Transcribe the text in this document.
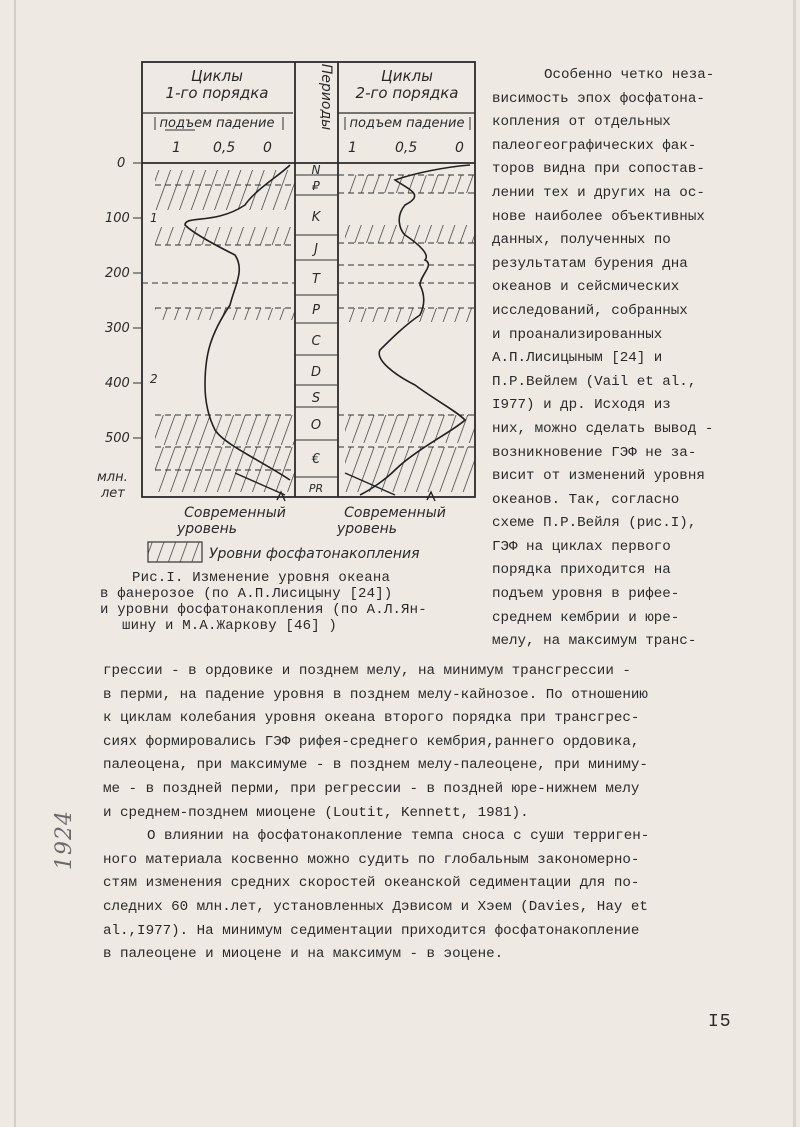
Циклы
1-го порядка	Периоды	Циклы
2-го порядка
подъем падение	подъем падение
1 0,5 0	1	0,5	0
0
100
200
300
400
500
млн.
лет
1
2
N
₽
K
J
T
P
C
D
S
O
€
PR
Современный
уровень
Современный
уровень
Уровни фосфатонакопления
Рис.I. Изменение уровня океана
в фанерозое (по А.П.Лисицыну [24])
и уровни фосфатонакопления (по А.Л.Ян-
шину и М.А.Жаркову [46] )
Особенно четко неза-
висимость эпох фосфатона-
копления от отдельных
палеогеографических фак-
торов видна при сопостав-
лении тех и других на ос-
нове наиболее объективных
данных, полученных по
результатам бурения дна
океанов и сейсмических
исследований, собранных
и проанализированных
А.П.Лисицыным [24] и
П.Р.Вейлем (Vail et al.,
I977) и др. Исходя из
них, можно сделать вывод -
возникновение ГЭФ не за-
висит от изменений уровня
океанов. Так, согласно
схеме П.Р.Вейля (рис.I),
ГЭФ на циклах первого
порядка приходится на
подъем уровня в рифее-
среднем кембрии и юре-
мелу, на максимум транс-
грессии - в ордовике и позднем мелу, на минимум трансгрессии -
в перми, на падение уровня в позднем мелу-кайнозое. По отношению
к циклам колебания уровня океана второго порядка при трансгрес-
сиях формировались ГЭФ рифея-среднего кембрия,раннего ордовика,
палеоцена, при максимуме - в позднем мелу-палеоцене, при миниму-
ме - в поздней перми, при регрессии - в поздней юре-нижнем мелу
и среднем-позднем миоцене (Loutit, Kennett, 1981).
О влиянии на фосфатонакопление темпа сноса с суши терриген-
ного материала косвенно можно судить по глобальным закономерно-
стям изменения средних скоростей океанской седиментации для по-
следних 60 млн.лет, установленных Дэвисом и Хэем (Davies, Hay et
al.,I977). На минимум седиментации приходится фосфатонакопление
в палеоцене и миоцене и на максимум - в эоцене.
1924
I5
